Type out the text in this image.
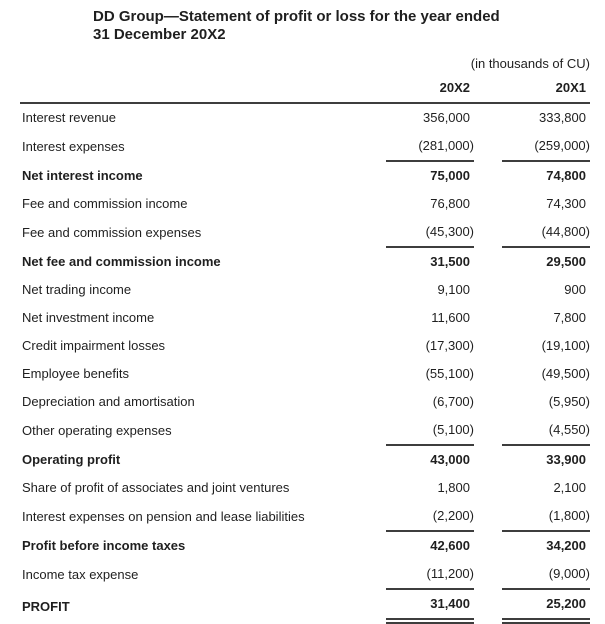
DD Group—Statement of profit or loss for the year ended
31 December 20X2
(in thousands of CU)
	20X2		20X1
Interest revenue	356,000		333,800
Interest expenses	(281,000)		(259,000)
Net interest income	75,000		74,800
Fee and commission income	76,800		74,300
Fee and commission expenses	(45,300)		(44,800)
Net fee and commission income	31,500		29,500
Net trading income	9,100		900
Net investment income	11,600		7,800
Credit impairment losses	(17,300)		(19,100)
Employee benefits	(55,100)		(49,500)
Depreciation and amortisation	(6,700)		(5,950)
Other operating expenses	(5,100)		(4,550)
Operating profit	43,000		33,900
Share of profit of associates and joint ventures	1,800		2,100
Interest expenses on pension and lease liabilities	(2,200)		(1,800)
Profit before income taxes	42,600		34,200
Income tax expense	(11,200)		(9,000)
PROFIT	31,400		25,200
